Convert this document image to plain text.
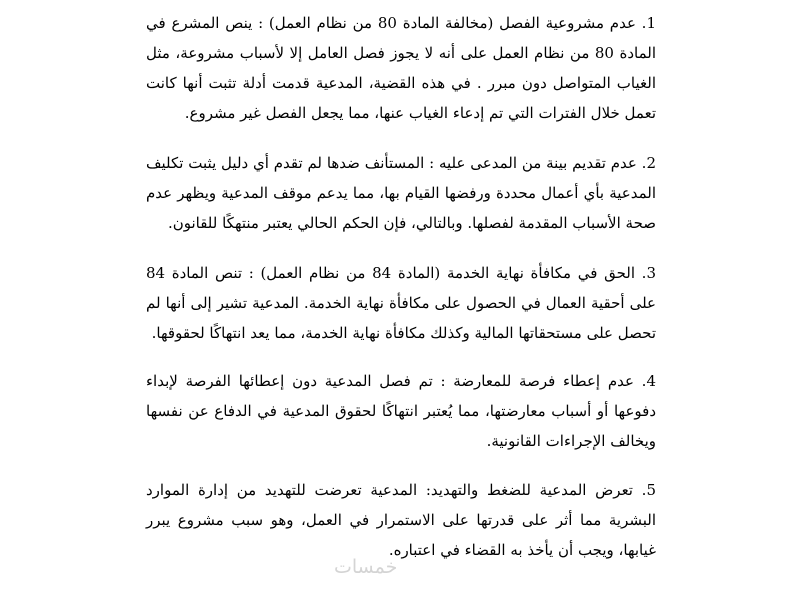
1. عدم مشروعية الفصل (مخالفة المادة 80 من نظام العمل) : ينص المشرع في المادة 80 من نظام العمل على أنه لا يجوز فصل العامل إلا لأسباب مشروعة، مثل الغياب المتواصل دون مبرر . في هذه القضية، المدعية قدمت أدلة تثبت أنها كانت تعمل خلال الفترات التي تم إدعاء الغياب عنها، مما يجعل الفصل غير مشروع.

2. عدم تقديم بينة من المدعى عليه : المستأنف ضدها لم تقدم أي دليل يثبت تكليف المدعية بأي أعمال محددة ورفضها القيام بها، مما يدعم موقف المدعية ويظهر عدم صحة الأسباب المقدمة لفصلها. وبالتالي، فإن الحكم الحالي يعتبر منتهكًا للقانون.

3. الحق في مكافأة نهاية الخدمة (المادة 84 من نظام العمل) : تنص المادة 84 على أحقية العمال في الحصول على مكافأة نهاية الخدمة. المدعية تشير إلى أنها لم تحصل على مستحقاتها المالية وكذلك مكافأة نهاية الخدمة، مما يعد انتهاكًا لحقوقها.

4. عدم إعطاء فرصة للمعارضة : تم فصل المدعية دون إعطائها الفرصة لإبداء دفوعها أو أسباب معارضتها، مما يُعتبر انتهاكًا لحقوق المدعية في الدفاع عن نفسها ويخالف الإجراءات القانونية.

5. تعرض المدعية للضغط والتهديد: المدعية تعرضت للتهديد من إدارة الموارد البشرية مما أثر على قدرتها على الاستمرار في العمل، وهو سبب مشروع يبرر غيابها، ويجب أن يأخذ به القضاء في اعتباره.

خمسات
